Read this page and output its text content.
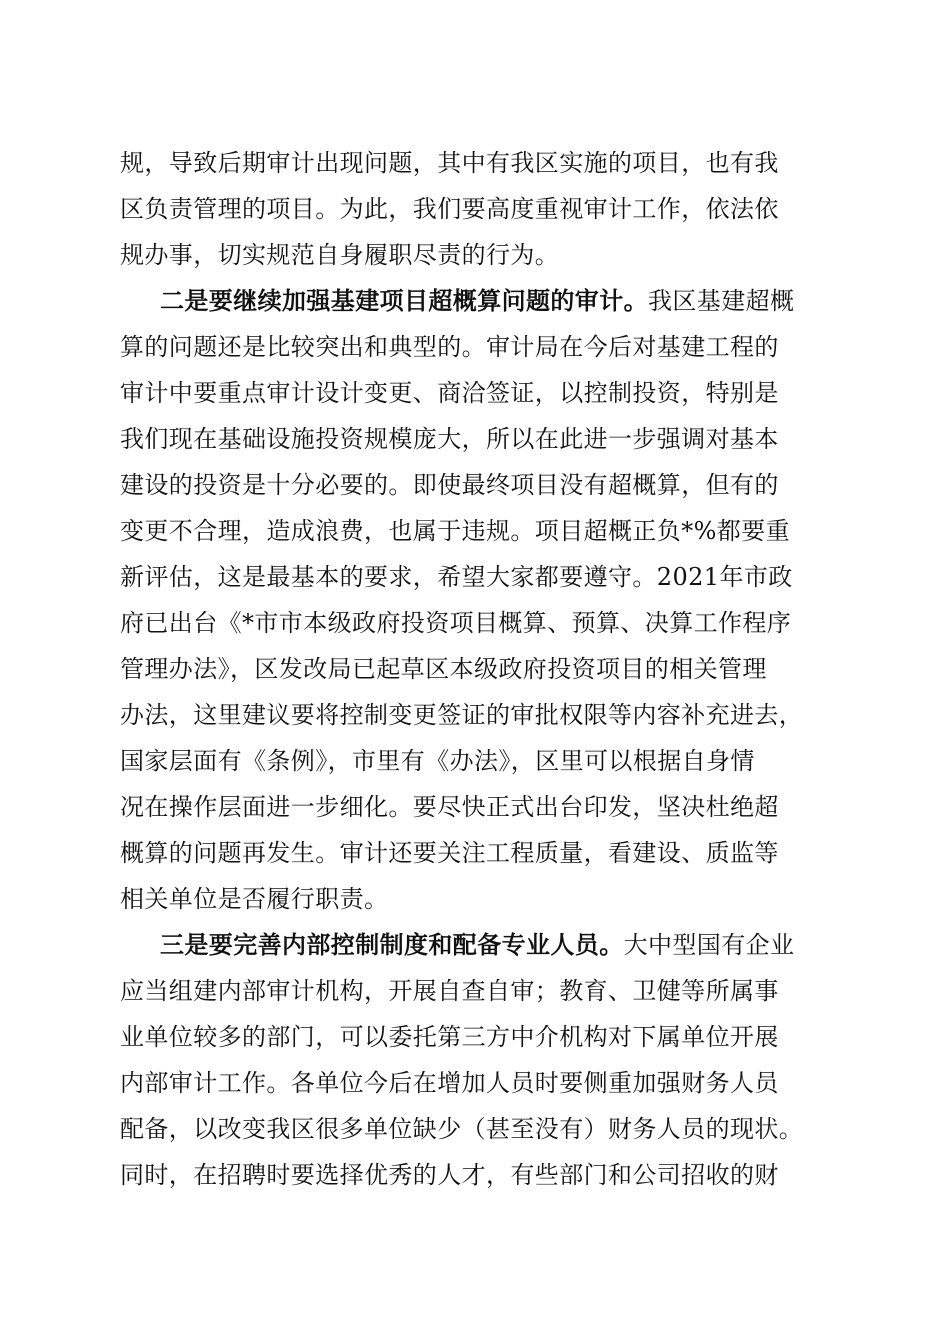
规，导致后期审计出现问题，其中有我区实施的项目，也有我
区负责管理的项目。为此，我们要高度重视审计工作，依法依
规办事，切实规范自身履职尽责的行为。
二是要继续加强基建项目超概算问题的审计。我区基建超概
算的问题还是比较突出和典型的。审计局在今后对基建工程的
审计中要重点审计设计变更、商洽签证，以控制投资，特别是
我们现在基础设施投资规模庞大，所以在此进一步强调对基本
建设的投资是十分必要的。即使最终项目没有超概算，但有的
变更不合理，造成浪费，也属于违规。项目超概正负*%都要重
新评估，这是最基本的要求，希望大家都要遵守。2021年市政
府已出台《*市市本级政府投资项目概算、预算、决算工作程序
管理办法》，区发改局已起草区本级政府投资项目的相关管理
办法，这里建议要将控制变更签证的审批权限等内容补充进去，
国家层面有《条例》，市里有《办法》，区里可以根据自身情
况在操作层面进一步细化。要尽快正式出台印发，坚决杜绝超
概算的问题再发生。审计还要关注工程质量，看建设、质监等
相关单位是否履行职责。
三是要完善内部控制制度和配备专业人员。大中型国有企业
应当组建内部审计机构，开展自查自审；教育、卫健等所属事
业单位较多的部门，可以委托第三方中介机构对下属单位开展
内部审计工作。各单位今后在增加人员时要侧重加强财务人员
配备，以改变我区很多单位缺少（甚至没有）财务人员的现状。
同时，在招聘时要选择优秀的人才，有些部门和公司招收的财
